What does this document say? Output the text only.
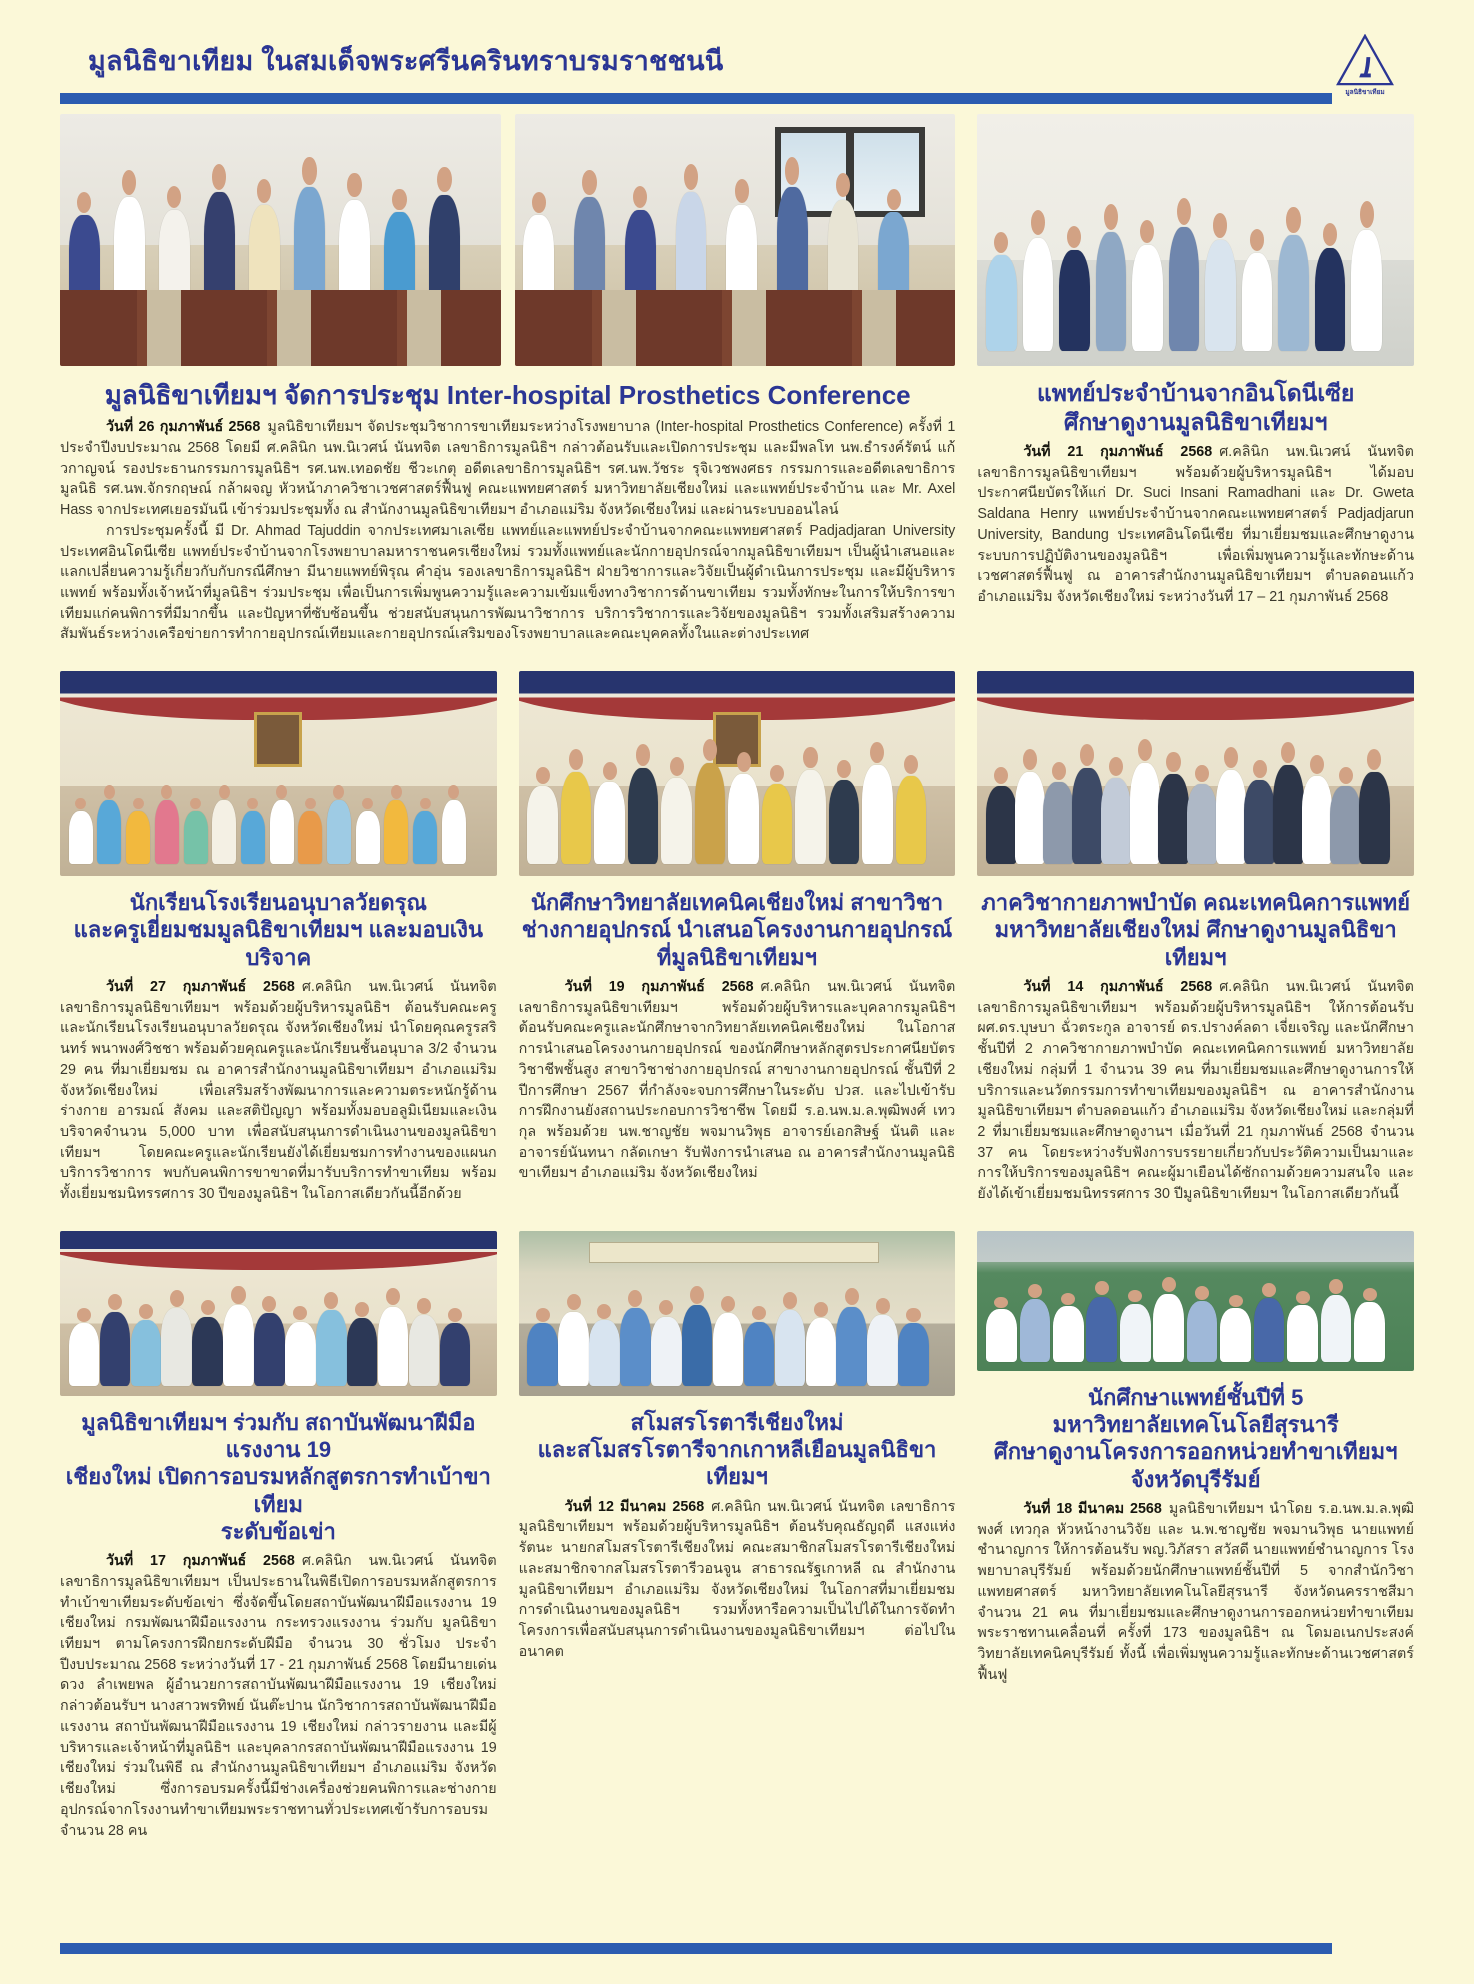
มูลนิธิขาเทียม ในสมเด็จพระศรีนครินทราบรมราชชนนี
มูลนิธิขาเทียม
มูลนิธิขาเทียมฯ จัดการประชุม Inter-hospital Prosthetics Conference

วันที่ 26 กุมภาพันธ์ 2568 มูลนิธิขาเทียมฯ จัดประชุมวิชาการขาเทียมระหว่างโรงพยาบาล (Inter-hospital Prosthetics Conference) ครั้งที่ 1 ประจำปีงบประมาณ 2568 โดยมี ศ.คลินิก นพ.นิเวศน์ นันทจิต เลขาธิการมูลนิธิฯ กล่าวต้อนรับและเปิดการประชุม และมีพลโท นพ.ธำรงค์รัตน์ แก้วกาญจน์ รองประธานกรรมการมูลนิธิฯ รศ.นพ.เทอดชัย ชีวะเกตุ อดีตเลขาธิการมูลนิธิฯ รศ.นพ.วัชระ รุจิเวชพงศธร กรรมการและอดีตเลขาธิการมูลนิธิ รศ.นพ.จักรกฤษณ์ กล้าผจญ หัวหน้าภาควิชาเวชศาสตร์ฟื้นฟู คณะแพทยศาสตร์ มหาวิทยาลัยเชียงใหม่ และแพทย์ประจำบ้าน และ Mr. Axel Hass จากประเทศเยอรมันนี เข้าร่วมประชุมทั้ง ณ สำนักงานมูลนิธิขาเทียมฯ อำเภอแม่ริม จังหวัดเชียงใหม่ และผ่านระบบออนไลน์

การประชุมครั้งนี้ มี Dr. Ahmad Tajuddin จากประเทศมาเลเซีย แพทย์และแพทย์ประจำบ้านจากคณะแพทยศาสตร์ Padjadjaran University ประเทศอินโดนีเซีย แพทย์ประจำบ้านจากโรงพยาบาลมหาราชนครเชียงใหม่ รวมทั้งแพทย์และนักกายอุปกรณ์จากมูลนิธิขาเทียมฯ เป็นผู้นำเสนอและแลกเปลี่ยนความรู้เกี่ยวกับกับกรณีศึกษา มีนายแพทย์พิรุณ คำอุ่น รองเลขาธิการมูลนิธิฯ ฝ่ายวิชาการและวิจัยเป็นผู้ดำเนินการประชุม และมีผู้บริหาร แพทย์ พร้อมทั้งเจ้าหน้าที่มูลนิธิฯ ร่วมประชุม เพื่อเป็นการเพิ่มพูนความรู้และความเข้มแข็งทางวิชาการด้านขาเทียม รวมทั้งทักษะในการให้บริการขาเทียมแก่คนพิการที่มีมากขึ้น และปัญหาที่ซับซ้อนขึ้น ช่วยสนับสนุนการพัฒนาวิชาการ บริการวิชาการและวิจัยของมูลนิธิฯ รวมทั้งเสริมสร้างความสัมพันธ์ระหว่างเครือข่ายการทำกายอุปกรณ์เทียมและกายอุปกรณ์เสริมของโรงพยาบาลและคณะบุคคลทั้งในและต่างประเทศ

แพทย์ประจำบ้านจากอินโดนีเซีย
ศึกษาดูงานมูลนิธิขาเทียมฯ

วันที่ 21 กุมภาพันธ์ 2568 ศ.คลินิก นพ.นิเวศน์ นันทจิต เลขาธิการมูลนิธิขาเทียมฯ พร้อมด้วยผู้บริหารมูลนิธิฯ ได้มอบประกาศนียบัตรให้แก่ Dr. Suci Insani Ramadhani และ Dr. Gweta Saldana Henry แพทย์ประจำบ้านจากคณะแพทยศาสตร์ Padjadjarun University, Bandung ประเทศอินโดนีเซีย ที่มาเยี่ยมชมและศึกษาดูงานระบบการปฏิบัติงานของมูลนิธิฯ เพื่อเพิ่มพูนความรู้และทักษะด้านเวชศาสตร์ฟื้นฟู ณ อาคารสำนักงานมูลนิธิขาเทียมฯ ตำบลดอนแก้ว อำเภอแม่ริม จังหวัดเชียงใหม่ ระหว่างวันที่ 17 – 21 กุมภาพันธ์ 2568

นักเรียนโรงเรียนอนุบาลวัยดรุณ
และครูเยี่ยมชมมูลนิธิขาเทียมฯ และมอบเงินบริจาค

วันที่ 27 กุมภาพันธ์ 2568 ศ.คลินิก นพ.นิเวศน์ นันทจิต เลขาธิการมูลนิธิขาเทียมฯ พร้อมด้วยผู้บริหารมูลนิธิฯ ต้อนรับคณะครูและนักเรียนโรงเรียนอนุบาลวัยดรุณ จังหวัดเชียงใหม่ นำโดยคุณครูรสรินทร์ พนาพงศ์วิชชา พร้อมด้วยคุณครูและนักเรียนชั้นอนุบาล 3/2 จำนวน 29 คน ที่มาเยี่ยมชม ณ อาคารสำนักงานมูลนิธิขาเทียมฯ อำเภอแม่ริม จังหวัดเชียงใหม่ เพื่อเสริมสร้างพัฒนาการและความตระหนักรู้ด้านร่างกาย อารมณ์ สังคม และสติปัญญา พร้อมทั้งมอบอลูมิเนียมและเงินบริจาคจำนวน 5,000 บาท เพื่อสนับสนุนการดำเนินงานของมูลนิธิขาเทียมฯ โดยคณะครูและนักเรียนยังได้เยี่ยมชมการทำงานของแผนกบริการวิชาการ พบกับคนพิการขาขาดที่มารับบริการทำขาเทียม พร้อมทั้งเยี่ยมชมนิทรรศการ 30 ปีของมูลนิธิฯ ในโอกาสเดียวกันนี้อีกด้วย

นักศึกษาวิทยาลัยเทคนิคเชียงใหม่ สาขาวิชา
ช่างกายอุปกรณ์ นำเสนอโครงงานกายอุปกรณ์
ที่มูลนิธิขาเทียมฯ

วันที่ 19 กุมภาพันธ์ 2568 ศ.คลินิก นพ.นิเวศน์ นันทจิต เลขาธิการมูลนิธิขาเทียมฯ พร้อมด้วยผู้บริหารและบุคลากรมูลนิธิฯ ต้อนรับคณะครูและนักศึกษาจากวิทยาลัยเทคนิคเชียงใหม่ ในโอกาสการนำเสนอโครงงานกายอุปกรณ์ ของนักศึกษาหลักสูตรประกาศนียบัตรวิชาชีพชั้นสูง สาขาวิชาช่างกายอุปกรณ์ สาขางานกายอุปกรณ์ ชั้นปีที่ 2 ปีการศึกษา 2567 ที่กำลังจะจบการศึกษาในระดับ ปวส. และไปเข้ารับการฝึกงานยังสถานประกอบการวิชาชีพ โดยมี ร.อ.นพ.ม.ล.พุฒิพงศ์ เทวกุล พร้อมด้วย นพ.ชาญชัย พจมานวิพุธ อาจารย์เอกสิษฐ์ นันติ และอาจารย์นันทนา กลัดเกษา รับฟังการนำเสนอ ณ อาคารสำนักงานมูลนิธิขาเทียมฯ อำเภอแม่ริม จังหวัดเชียงใหม่

ภาควิชากายภาพบำบัด คณะเทคนิคการแพทย์
มหาวิทยาลัยเชียงใหม่ ศึกษาดูงานมูลนิธิขาเทียมฯ

วันที่ 14 กุมภาพันธ์ 2568 ศ.คลินิก นพ.นิเวศน์ นันทจิต เลขาธิการมูลนิธิขาเทียมฯ พร้อมด้วยผู้บริหารมูลนิธิฯ ให้การต้อนรับ ผศ.ดร.บุษบา ฉั่วตระกูล อาจารย์ ดร.ปรางค์ลดา เจี่ยเจริญ และนักศึกษาชั้นปีที่ 2 ภาควิชากายภาพบำบัด คณะเทคนิคการแพทย์ มหาวิทยาลัยเชียงใหม่ กลุ่มที่ 1 จำนวน 39 คน ที่มาเยี่ยมชมและศึกษาดูงานการให้บริการและนวัตกรรมการทำขาเทียมของมูลนิธิฯ ณ อาคารสำนักงานมูลนิธิขาเทียมฯ ตำบลดอนแก้ว อำเภอแม่ริม จังหวัดเชียงใหม่ และกลุ่มที่ 2 ที่มาเยี่ยมชมและศึกษาดูงานฯ เมื่อวันที่ 21 กุมภาพันธ์ 2568 จำนวน 37 คน โดยระหว่างรับฟังการบรรยายเกี่ยวกับประวัติความเป็นมาและการให้บริการของมูลนิธิฯ คณะผู้มาเยือนได้ซักถามด้วยความสนใจ และยังได้เข้าเยี่ยมชมนิทรรศการ 30 ปีมูลนิธิขาเทียมฯ ในโอกาสเดียวกันนี้

มูลนิธิขาเทียมฯ ร่วมกับ สถาบันพัฒนาฝีมือแรงงาน 19
เชียงใหม่ เปิดการอบรมหลักสูตรการทำเบ้าขาเทียม
ระดับข้อเข่า

วันที่ 17 กุมภาพันธ์ 2568 ศ.คลินิก นพ.นิเวศน์ นันทจิต เลขาธิการมูลนิธิขาเทียมฯ เป็นประธานในพิธีเปิดการอบรมหลักสูตรการทำเบ้าขาเทียมระดับข้อเข่า ซึ่งจัดขึ้นโดยสถาบันพัฒนาฝีมือแรงงาน 19 เชียงใหม่ กรมพัฒนาฝีมือแรงงาน กระทรวงแรงงาน ร่วมกับ มูลนิธิขาเทียมฯ ตามโครงการฝึกยกระดับฝีมือ จำนวน 30 ชั่วโมง ประจำปีงบประมาณ 2568 ระหว่างวันที่ 17 - 21 กุมภาพันธ์ 2568 โดยมีนายเด่นดวง ลำเพยพล ผู้อำนวยการสถาบันพัฒนาฝีมือแรงงาน 19 เชียงใหม่ กล่าวต้อนรับฯ นางสาวพรทิพย์ นันต๊ะปาน นักวิชาการสถาบันพัฒนาฝีมือแรงงาน สถาบันพัฒนาฝีมือแรงงาน 19 เชียงใหม่ กล่าวรายงาน และมีผู้บริหารและเจ้าหน้าที่มูลนิธิฯ และบุคลากรสถาบันพัฒนาฝีมือแรงงาน 19 เชียงใหม่ ร่วมในพิธี ณ สำนักงานมูลนิธิขาเทียมฯ อำเภอแม่ริม จังหวัดเชียงใหม่ ซึ่งการอบรมครั้งนี้มีช่างเครื่องช่วยคนพิการและช่างกายอุปกรณ์จากโรงงานทำขาเทียมพระราชทานทั่วประเทศเข้ารับการอบรมจำนวน 28 คน

สโมสรโรตารีเชียงใหม่
และสโมสรโรตารีจากเกาหลีเยือนมูลนิธิขาเทียมฯ

วันที่ 12 มีนาคม 2568 ศ.คลินิก นพ.นิเวศน์ นันทจิต เลขาธิการมูลนิธิขาเทียมฯ พร้อมด้วยผู้บริหารมูลนิธิฯ ต้อนรับคุณธัญฤดี แสงแห่งรัตนะ นายกสโมสรโรตารีเชียงใหม่ คณะสมาชิกสโมสรโรตารีเชียงใหม่ และสมาชิกจากสโมสรโรตารีวอนจูน สาธารณรัฐเกาหลี ณ สำนักงานมูลนิธิขาเทียมฯ อำเภอแม่ริม จังหวัดเชียงใหม่ ในโอกาสที่มาเยี่ยมชมการดำเนินงานของมูลนิธิฯ รวมทั้งหารือความเป็นไปได้ในการจัดทำโครงการเพื่อสนับสนุนการดำเนินงานของมูลนิธิขาเทียมฯ ต่อไปในอนาคต

นักศึกษาแพทย์ชั้นปีที่ 5
มหาวิทยาลัยเทคโนโลยีสุรนารี
ศึกษาดูงานโครงการออกหน่วยทำขาเทียมฯ
จังหวัดบุรีรัมย์

วันที่ 18 มีนาคม 2568 มูลนิธิขาเทียมฯ นำโดย ร.อ.นพ.ม.ล.พุฒิพงศ์ เทวกุล หัวหน้างานวิจัย และ น.พ.ชาญชัย พจมานวิพุธ นายแพทย์ชำนาญการ ให้การต้อนรับ พญ.วิภัสรา สวัสดี นายแพทย์ชำนาญการ โรงพยาบาลบุรีรัมย์ พร้อมด้วยนักศึกษาแพทย์ชั้นปีที่ 5 จากสำนักวิชาแพทยศาสตร์ มหาวิทยาลัยเทคโนโลยีสุรนารี จังหวัดนครราชสีมา จำนวน 21 คน ที่มาเยี่ยมชมและศึกษาดูงานการออกหน่วยทำขาเทียมพระราชทานเคลื่อนที่ ครั้งที่ 173 ของมูลนิธิฯ ณ โดมอเนกประสงค์ วิทยาลัยเทคนิคบุรีรัมย์ ทั้งนี้ เพื่อเพิ่มพูนความรู้และทักษะด้านเวชศาสตร์ฟื้นฟู
